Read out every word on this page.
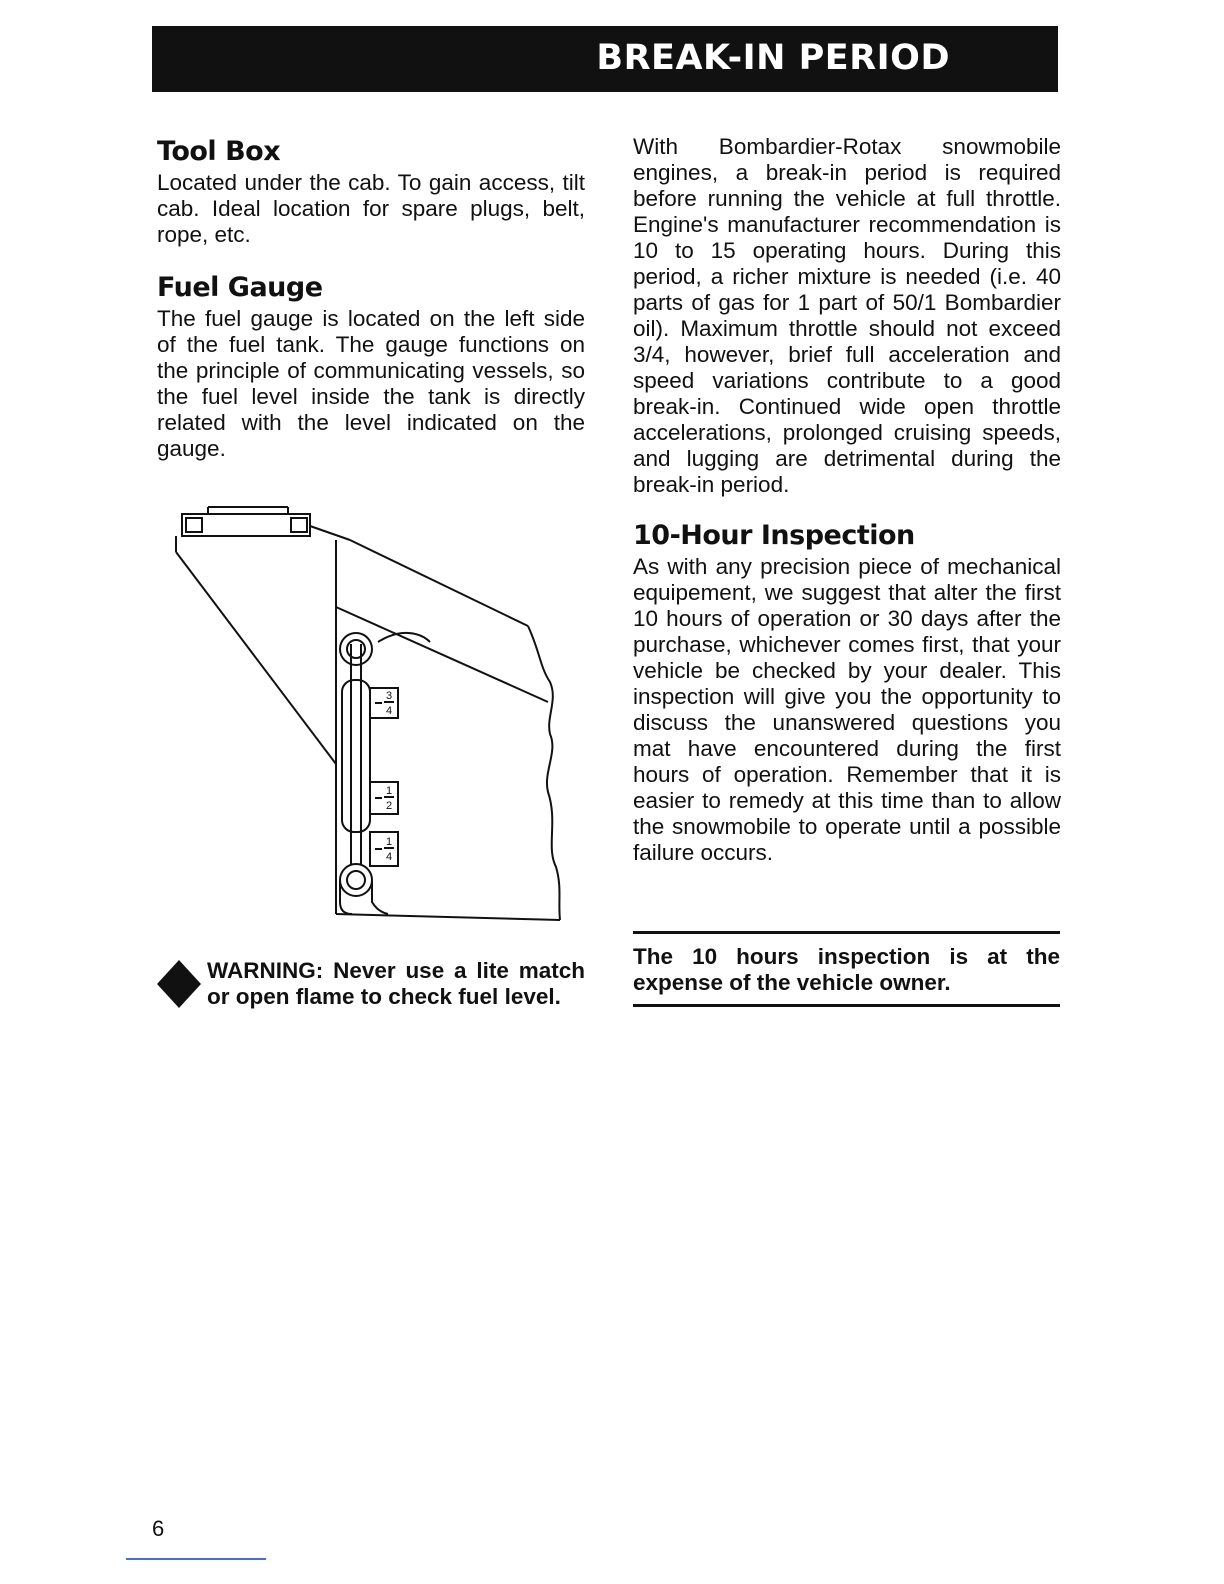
BREAK-IN PERIOD
Tool Box

Located under the cab. To gain access, tilt cab. Ideal location for spare plugs, belt, rope, etc.

Fuel Gauge

The fuel gauge is located on the left side of the fuel tank. The gauge functions on the principle of communicating vessels, so the fuel level inside the tank is directly related with the level indicated on the gauge.

3
4
1
2
1
4
WARNING: Never use a lite match or open flame to check fuel level.

With Bombardier-Rotax snowmobile engines, a break-in period is required before running the vehicle at full throttle. Engine's manufacturer recommendation is 10 to 15 operating hours. During this period, a richer mixture is needed (i.e. 40 parts of gas for 1 part of 50/1 Bombardier oil). Maximum throttle should not exceed 3/4, however, brief full acceleration and speed variations contribute to a good break-in. Continued wide open throttle accelerations, prolonged cruising speeds, and lugging are detrimental during the break-in period.

10-Hour Inspection

As with any precision piece of mechanical equipement, we suggest that alter the first 10 hours of operation or 30 days after the purchase, whichever comes first, that your vehicle be checked by your dealer. This inspection will give you the opportunity to discuss the unanswered questions you mat have encountered during the first hours of operation. Remember that it is easier to remedy at this time than to allow the snowmobile to operate until a possible failure occurs.

The 10 hours inspection is at the expense of the vehicle owner.

6
